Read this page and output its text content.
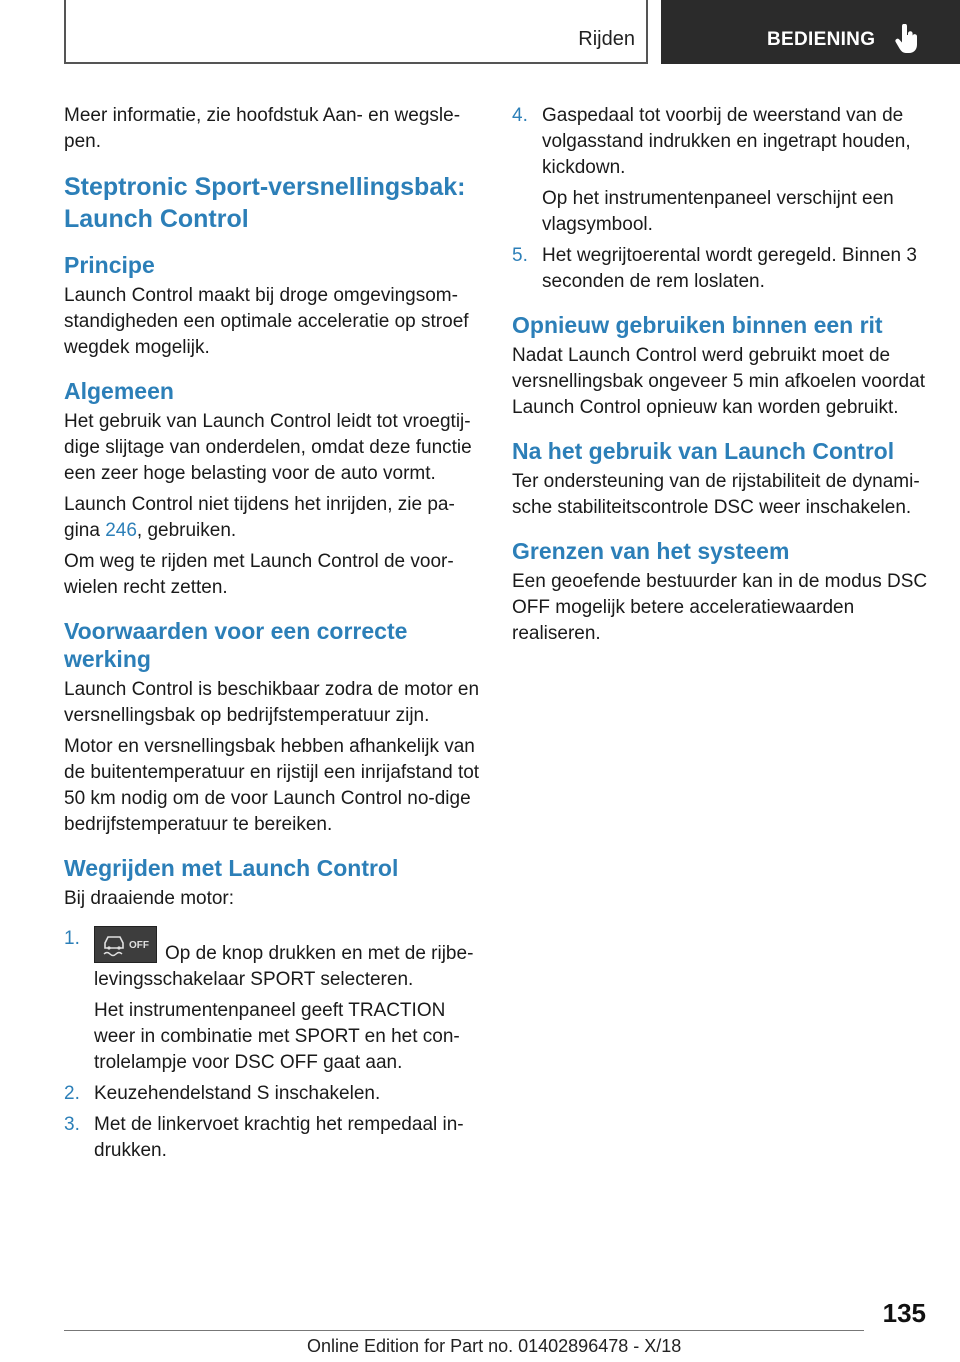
Rijden	BEDIENING

Meer informatie, zie hoofdstuk Aan- en wegsle-pen.

Steptronic Sport-versnellingsbak: Launch Control
Principe

Launch Control maakt bij droge omgevingsom-standigheden een optimale acceleratie op stroef wegdek mogelijk.

Algemeen

Het gebruik van Launch Control leidt tot vroegtij-dige slijtage van onderdelen, omdat deze functie een zeer hoge belasting voor de auto vormt.

Launch Control niet tijdens het inrijden, zie pa-gina 246, gebruiken.

Om weg te rijden met Launch Control de voor-wielen recht zetten.

Voorwaarden voor een correcte werking

Launch Control is beschikbaar zodra de motor en versnellingsbak op bedrijfstemperatuur zijn.

Motor en versnellingsbak hebben afhankelijk van de buitentemperatuur en rijstijl een inrijafstand tot 50 km nodig om de voor Launch Control no-dige bedrijfstemperatuur te bereiken.

Wegrijden met Launch Control

Bij draaiende motor:

1.	OFF Op de knop drukken en met de rijbe-levingsschakelaar SPORT selecteren.

Het instrumentenpaneel geeft TRACTION weer in combinatie met SPORT en het con-trolelampje voor DSC OFF gaat aan.

2. Keuzehendelstand S inschakelen.

3. Met de linkervoet krachtig het rempedaal in-drukken.

4. Gaspedaal tot voorbij de weerstand van de volgasstand indrukken en ingetrapt houden, kickdown.

Op het instrumentenpaneel verschijnt een vlagsymbool.

5. Het wegrijtoerental wordt geregeld. Binnen 3 seconden de rem loslaten.

Opnieuw gebruiken binnen een rit

Nadat Launch Control werd gebruikt moet de versnellingsbak ongeveer 5 min afkoelen voordat Launch Control opnieuw kan worden gebruikt.

Na het gebruik van Launch Control

Ter ondersteuning van de rijstabiliteit de dynami-sche stabiliteitscontrole DSC weer inschakelen.

Grenzen van het systeem

Een geoefende bestuurder kan in de modus DSC OFF mogelijk betere acceleratiewaarden realiseren.

135
Online Edition for Part no. 01402896478 - X/18
